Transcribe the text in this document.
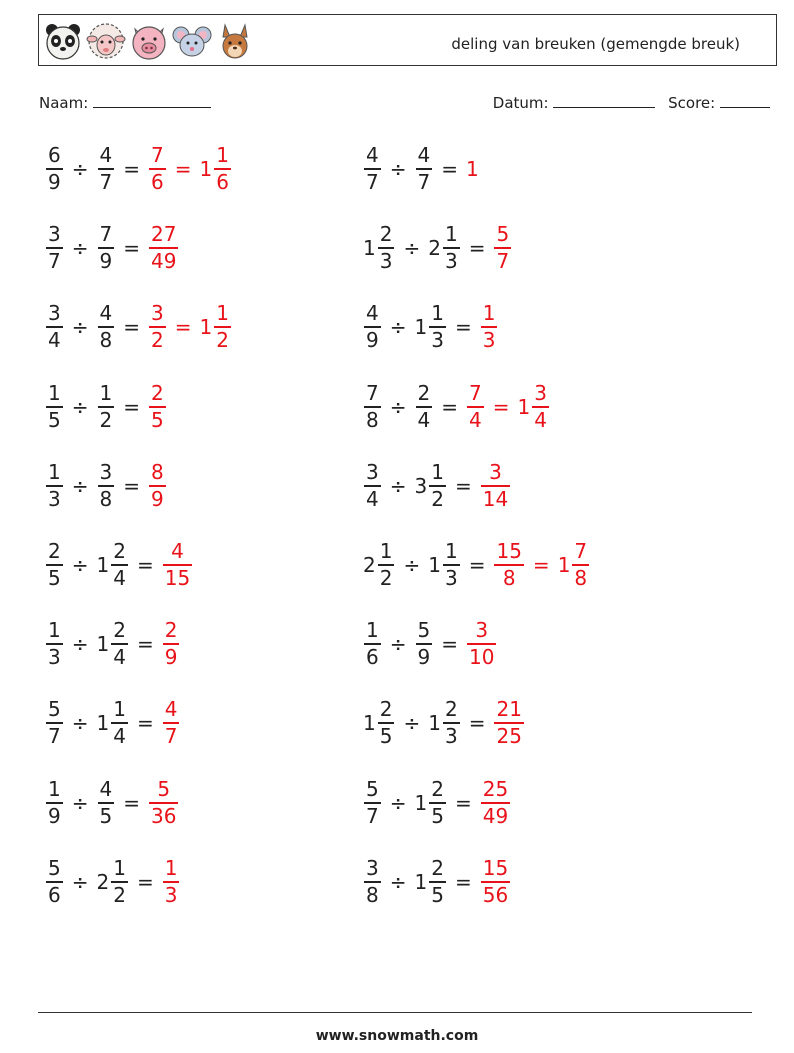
deling van breuken (gemengde breuk)
Naam:	Datum:	Score:
$\frac{6}{9} \div \frac{4}{7} = \frac{7}{6} = 1 \frac{1}{6}$	$\frac{4}{7} \div \frac{4}{7} = 1$
$\frac{3}{7} \div \frac{7}{9} = \frac{27}{49}$	$1 \frac{2}{3} \div 2 \frac{1}{3} = \frac{5}{7}$
$\frac{3}{4} \div \frac{4}{8} = \frac{3}{2} = 1 \frac{1}{2}$	$\frac{4}{9} \div 1 \frac{1}{3} = \frac{1}{3}$
$\frac{1}{5} \div \frac{1}{2} = \frac{2}{5}$	$\frac{7}{8} \div \frac{2}{4} = \frac{7}{4} = 1 \frac{3}{4}$
$\frac{1}{3} \div \frac{3}{8} = \frac{8}{9}$	$\frac{3}{4} \div 3 \frac{1}{2} = \frac{3}{14}$
$\frac{2}{5} \div 1 \frac{2}{4} = \frac{4}{15}$	$2 \frac{1}{2} \div 1 \frac{1}{3} = \frac{15}{8} = 1 \frac{7}{8}$
$\frac{1}{3} \div 1 \frac{2}{4} = \frac{2}{9}$	$\frac{1}{6} \div \frac{5}{9} = \frac{3}{10}$
$\frac{5}{7} \div 1 \frac{1}{4} = \frac{4}{7}$	$1 \frac{2}{5} \div 1 \frac{2}{3} = \frac{21}{25}$
$\frac{1}{9} \div \frac{4}{5} = \frac{5}{36}$	$\frac{5}{7} \div 1 \frac{2}{5} = \frac{25}{49}$
$\frac{5}{6} \div 2 \frac{1}{2} = \frac{1}{3}$	$\frac{3}{8} \div 1 \frac{2}{5} = \frac{15}{56}$
www.snowmath.com
